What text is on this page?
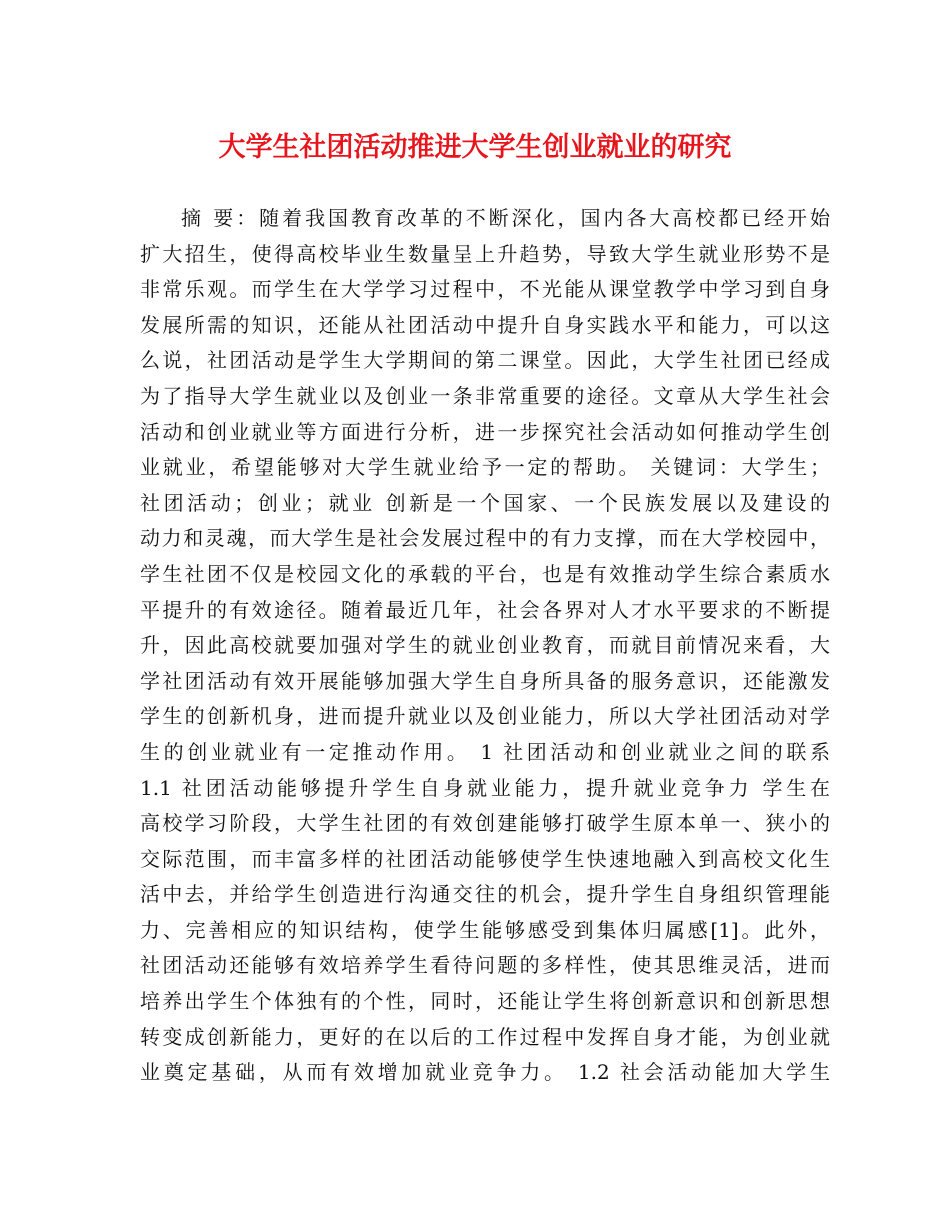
大学生社团活动推进大学生创业就业的研究
摘 要：随着我国教育改革的不断深化，国内各大高校都已经开始
扩大招生，使得高校毕业生数量呈上升趋势，导致大学生就业形势不是
非常乐观。而学生在大学学习过程中，不光能从课堂教学中学习到自身
发展所需的知识，还能从社团活动中提升自身实践水平和能力，可以这
么说，社团活动是学生大学期间的第二课堂。因此，大学生社团已经成
为了指导大学生就业以及创业一条非常重要的途径。文章从大学生社会
活动和创业就业等方面进行分析，进一步探究社会活动如何推动学生创
业就业，希望能够对大学生就业给予一定的帮助。 关键词：大学生；
社团活动；创业；就业 创新是一个国家、一个民族发展以及建设的
动力和灵魂，而大学生是社会发展过程中的有力支撑，而在大学校园中，
学生社团不仅是校园文化的承载的平台，也是有效推动学生综合素质水
平提升的有效途径。随着最近几年，社会各界对人才水平要求的不断提
升，因此高校就要加强对学生的就业创业教育，而就目前情况来看，大
学社团活动有效开展能够加强大学生自身所具备的服务意识，还能激发
学生的创新机身，进而提升就业以及创业能力，所以大学社团活动对学
生的创业就业有一定推动作用。 1 社团活动和创业就业之间的联系
1.1 社团活动能够提升学生自身就业能力，提升就业竞争力 学生在
高校学习阶段，大学生社团的有效创建能够打破学生原本单一、狭小的
交际范围，而丰富多样的社团活动能够使学生快速地融入到高校文化生
活中去，并给学生创造进行沟通交往的机会，提升学生自身组织管理能
力、完善相应的知识结构，使学生能够感受到集体归属感[1]。此外，
社团活动还能够有效培养学生看待问题的多样性，使其思维灵活，进而
培养出学生个体独有的个性，同时，还能让学生将创新意识和创新思想
转变成创新能力，更好的在以后的工作过程中发挥自身才能，为创业就
业奠定基础，从而有效增加就业竞争力。 1.2 社会活动能加大学生
